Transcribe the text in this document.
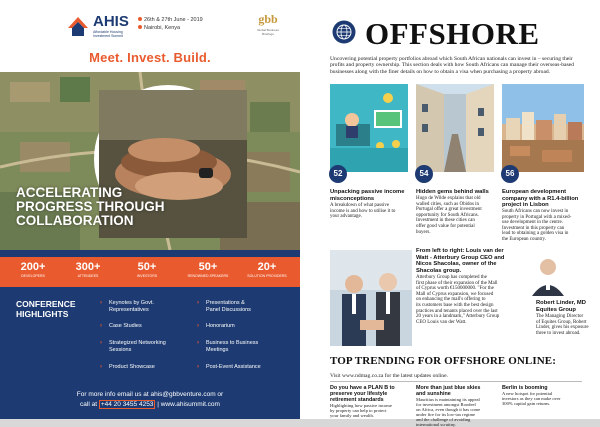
AHIS
Affordable Housing Investment Summit
26th & 27th June - 2019
Nairobi, Kenya
gbb
Global Business Briefings
Meet. Invest. Build.
ACCELERATING
PROGRESS THROUGH
COLLABORATION
200+
DEVELOPERS
300+
ATTENDEES
50+
INVESTORS
50+
RENOWNED SPEAKERS
20+
SOLUTION PROVIDERS
CONFERENCE
HIGHLIGHTS
›	Keynotes by Govt.
Representatives
›	Case Studies
›	Strategized Networking
Sessions
›	Product Showcase
›	Presentations &
Panel Discussions
›	Honorarium
›	Business to Business
Meetings
›	Post-Event Assistance
For more info email us at ahis@gbbventure.com or
call at +44 20 3455 4253 | www.ahisummit.com
OFFSHORE
Uncovering potential property portfolios abroad which South African nationals can invest in – securing their profits and property ownership. This section deals with how South Africans can manage their overseas-based businesses along with the finer details on how to obtain a visa when purchasing a property abroad.
52	54	56
Unpacking passive income
misconceptions
A breakdown of what passive
income is and how to utilise it to
your advantage.
Hidden gems behind walls
Hugo de Wilde explains that old
walled cities, such as Obidos in
Portugal offer a great investment
opportunity for South Africans.
Investment in these cities can
offer good value for potential
buyers.
European development
company with a R1.4-billion
project in Lisbon
South Africans can now invest in
property in Portugal with a mixed-
use development in the centre.
Investment in this property can
lead to obtaining a golden visa in
the European country.
From left to right: Louis van der
Watt - Atterbury Group CEO and
Nicos Shacolas, owner of the
Shacolas group.
Atterbury Group has completed the
first phase of their expansion of the Mall
of Cyprus worth €150000000. "For the
Mall of Cyprus expansion, we focused
on enhancing the mall's offering to
its customers base with the best design
practices and tenants placed over the last
20 years in a landmark," Atterbury Group
CEO Louis van der Watt.
Robert Linder, MD
Equites Group
The Managing Director
of Equites Group, Robert
Linder, gives his exposure
three to invest abroad.
TOP TRENDING FOR OFFSHORE ONLINE:
Visit www.ndmag.co.za for the latest updates online.
Do you have a PLAN B to
preserve your lifestyle
retirement standards
Highlighting how passive income
by property can help to protect
your family and wealth.
More than just blue skies
and sunshine
Mauritius is maintaining its appeal
for investment amongst Roodeel
on Africa, even though it has come
under fire for its low-tax regime
and the challenge of avoiding
international scrutiny.
Berlin is booming
A new hotspot for potential
investors as they can make over
300% capital gain returns.
